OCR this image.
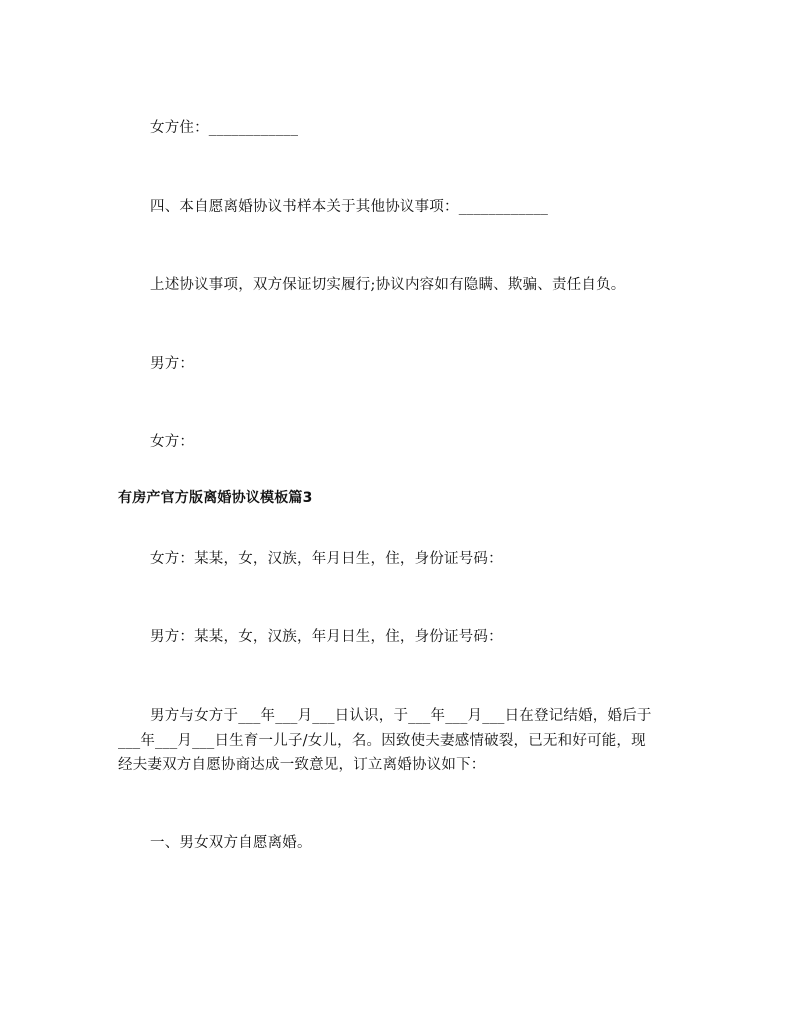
女方住：____________
四、本自愿离婚协议书样本关于其他协议事项：____________
上述协议事项，双方保证切实履行;协议内容如有隐瞒、欺骗、责任自负。
男方：
女方：
有房产官方版离婚协议模板篇3
女方：某某，女，汉族，年月日生，住，身份证号码：
男方：某某，女，汉族，年月日生，住，身份证号码：
男方与女方于___年___月___日认识，于___年___月___日在登记结婚，婚后于
___年___月___日生育一儿子/女儿，名。因致使夫妻感情破裂，已无和好可能，现
经夫妻双方自愿协商达成一致意见，订立离婚协议如下：
一、男女双方自愿离婚。
